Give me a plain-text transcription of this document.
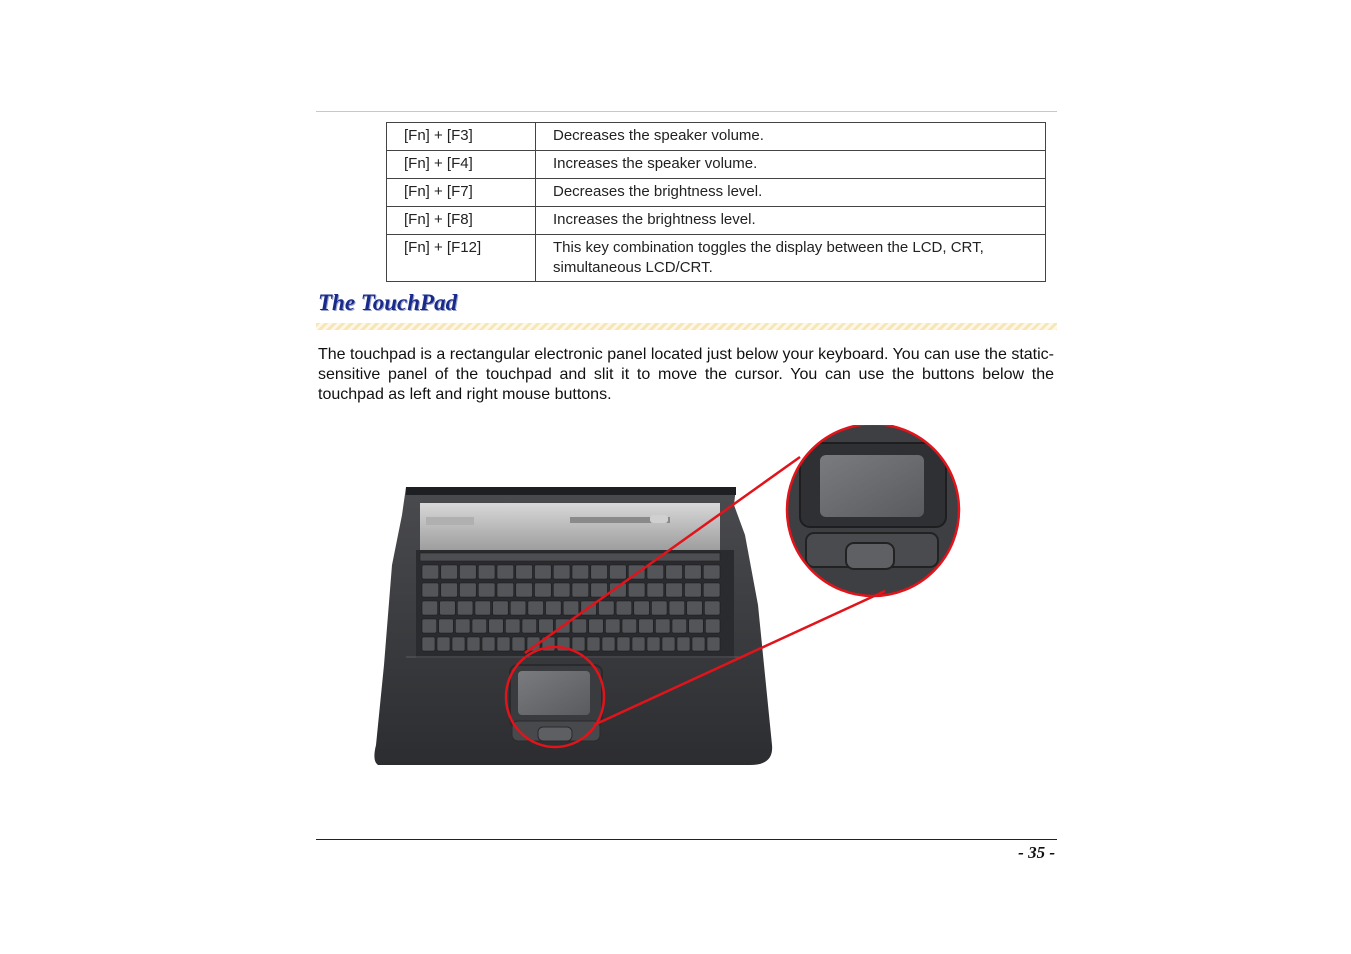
[Fn] + [F3]	Decreases the speaker volume.
[Fn] + [F4]	Increases the speaker volume.
[Fn] + [F7]	Decreases the brightness level.
[Fn] + [F8]	Increases the brightness level.
[Fn] + [F12]	This key combination toggles the display between the LCD, CRT, simultaneous LCD/CRT.
The TouchPad

The touchpad is a rectangular electronic panel located just below your keyboard. You can use the static-sensitive panel of the touchpad and slit it to move the cursor. You can use the buttons below the touchpad as left and right mouse buttons.

- 35 -
